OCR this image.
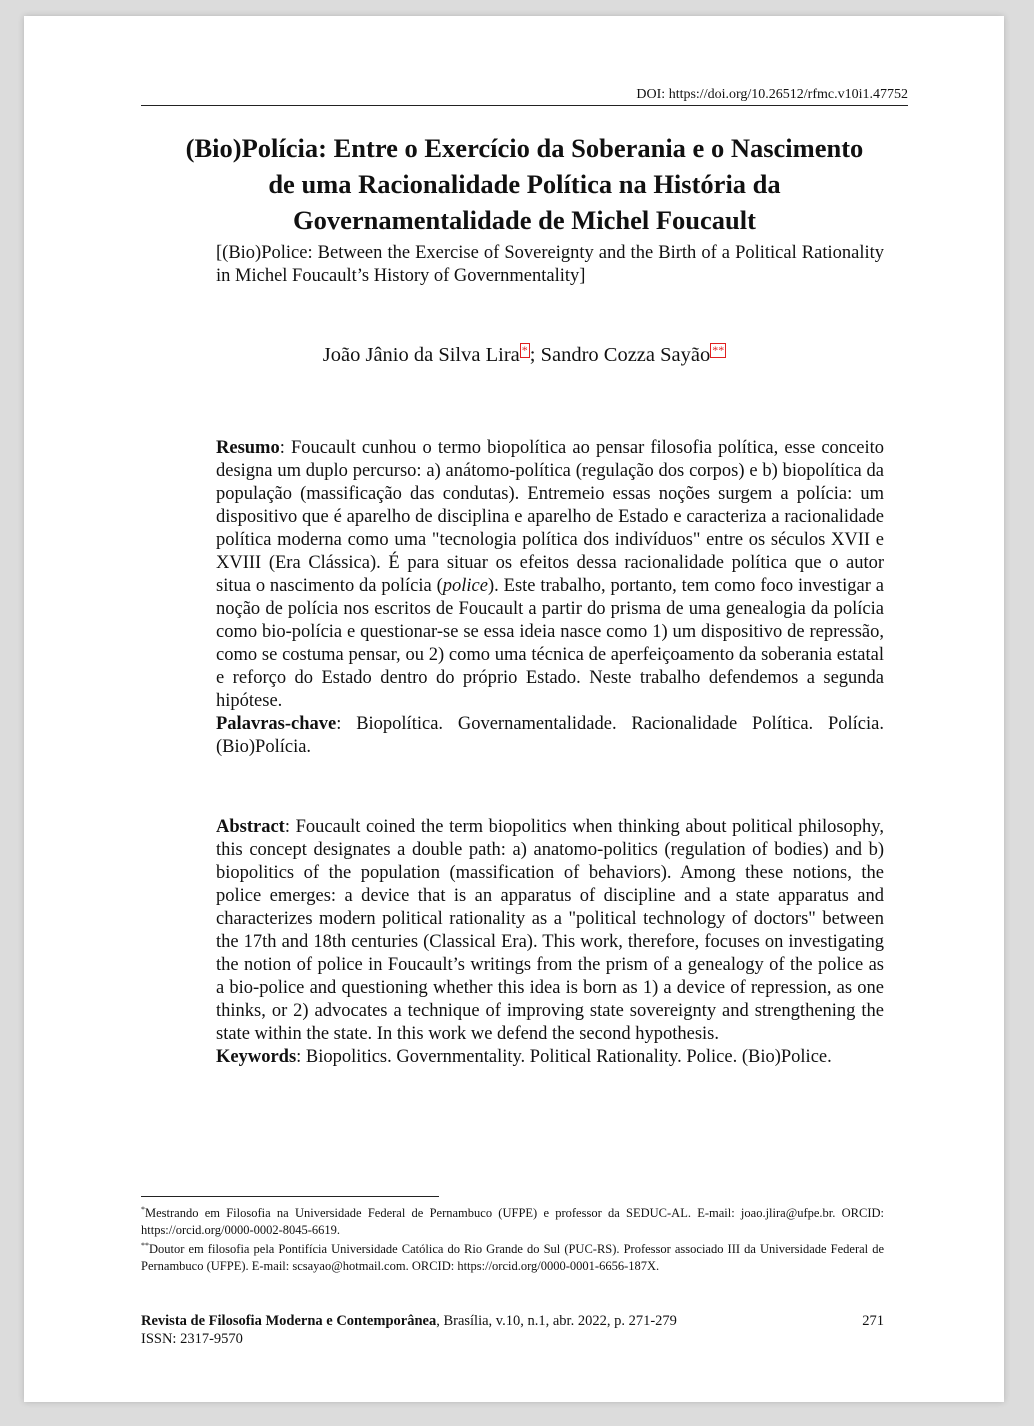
DOI: https://doi.org/10.26512/rfmc.v10i1.47752
(Bio)Polícia: Entre o Exercício da Soberania e o Nascimento
de uma Racionalidade Política na História da
Governamentalidade de Michel Foucault
[(Bio)Police: Between the Exercise of Sovereignty and the Birth of a Political Rationality in Michel Foucault’s History of Governmentality]
João Jânio da Silva Lira *; Sandro Cozza Sayão **

Resumo: Foucault cunhou o termo biopolítica ao pensar filosofia política, esse conceito designa um duplo percurso: a) anátomo-política (regulação dos corpos) e b) biopolítica da população (massificação das condutas). Entremeio essas noções surgem a polícia: um dispositivo que é aparelho de disciplina e aparelho de Estado e caracteriza a racionalidade política moderna como uma "tecnologia política dos indivíduos" entre os séculos XVII e XVIII (Era Clássica). É para situar os efeitos dessa racionalidade política que o autor situa o nascimento da polícia (police). Este trabalho, portanto, tem como foco investigar a noção de polícia nos escritos de Foucault a partir do prisma de uma genealogia da polícia como bio-polícia e questionar-se se essa ideia nasce como 1) um dispositivo de repressão, como se costuma pensar, ou 2) como uma técnica de aperfeiçoamento da soberania estatal e reforço do Estado dentro do próprio Estado. Neste trabalho defendemos a segunda hipótese.

Palavras-chave: Biopolítica. Governamentalidade. Racionalidade Política. Polícia. (Bio)Polícia.

Abstract: Foucault coined the term biopolitics when thinking about political philosophy, this concept designates a double path: a) anatomo-politics (regulation of bodies) and b) biopolitics of the population (massification of behaviors). Among these notions, the police emerges: a device that is an apparatus of discipline and a state apparatus and characterizes modern political rationality as a "political technology of doctors" between the 17th and 18th centuries (Classical Era). This work, therefore, focuses on investigating the notion of police in Foucault’s writings from the prism of a genealogy of the police as a bio-police and questioning whether this idea is born as 1) a device of repression, as one thinks, or 2) advocates a technique of improving state sovereignty and strengthening the state within the state. In this work we defend the second hypothesis.

Keywords: Biopolitics. Governmentality. Political Rationality. Police. (Bio)Police.

*Mestrando em Filosofia na Universidade Federal de Pernambuco (UFPE) e professor da SEDUC-AL. E-mail: joao.jlira@ufpe.br. ORCID: https://orcid.org/0000-0002-8045-6619.

**Doutor em filosofia pela Pontifícia Universidade Católica do Rio Grande do Sul (PUC-RS). Professor associado III da Universidade Federal de Pernambuco (UFPE). E-mail: scsayao@hotmail.com. ORCID: https://orcid.org/0000-0001-6656-187X.

Revista de Filosofia Moderna e Contemporânea, Brasília, v.10, n.1, abr. 2022, p. 271-279
ISSN: 2317-9570
271
